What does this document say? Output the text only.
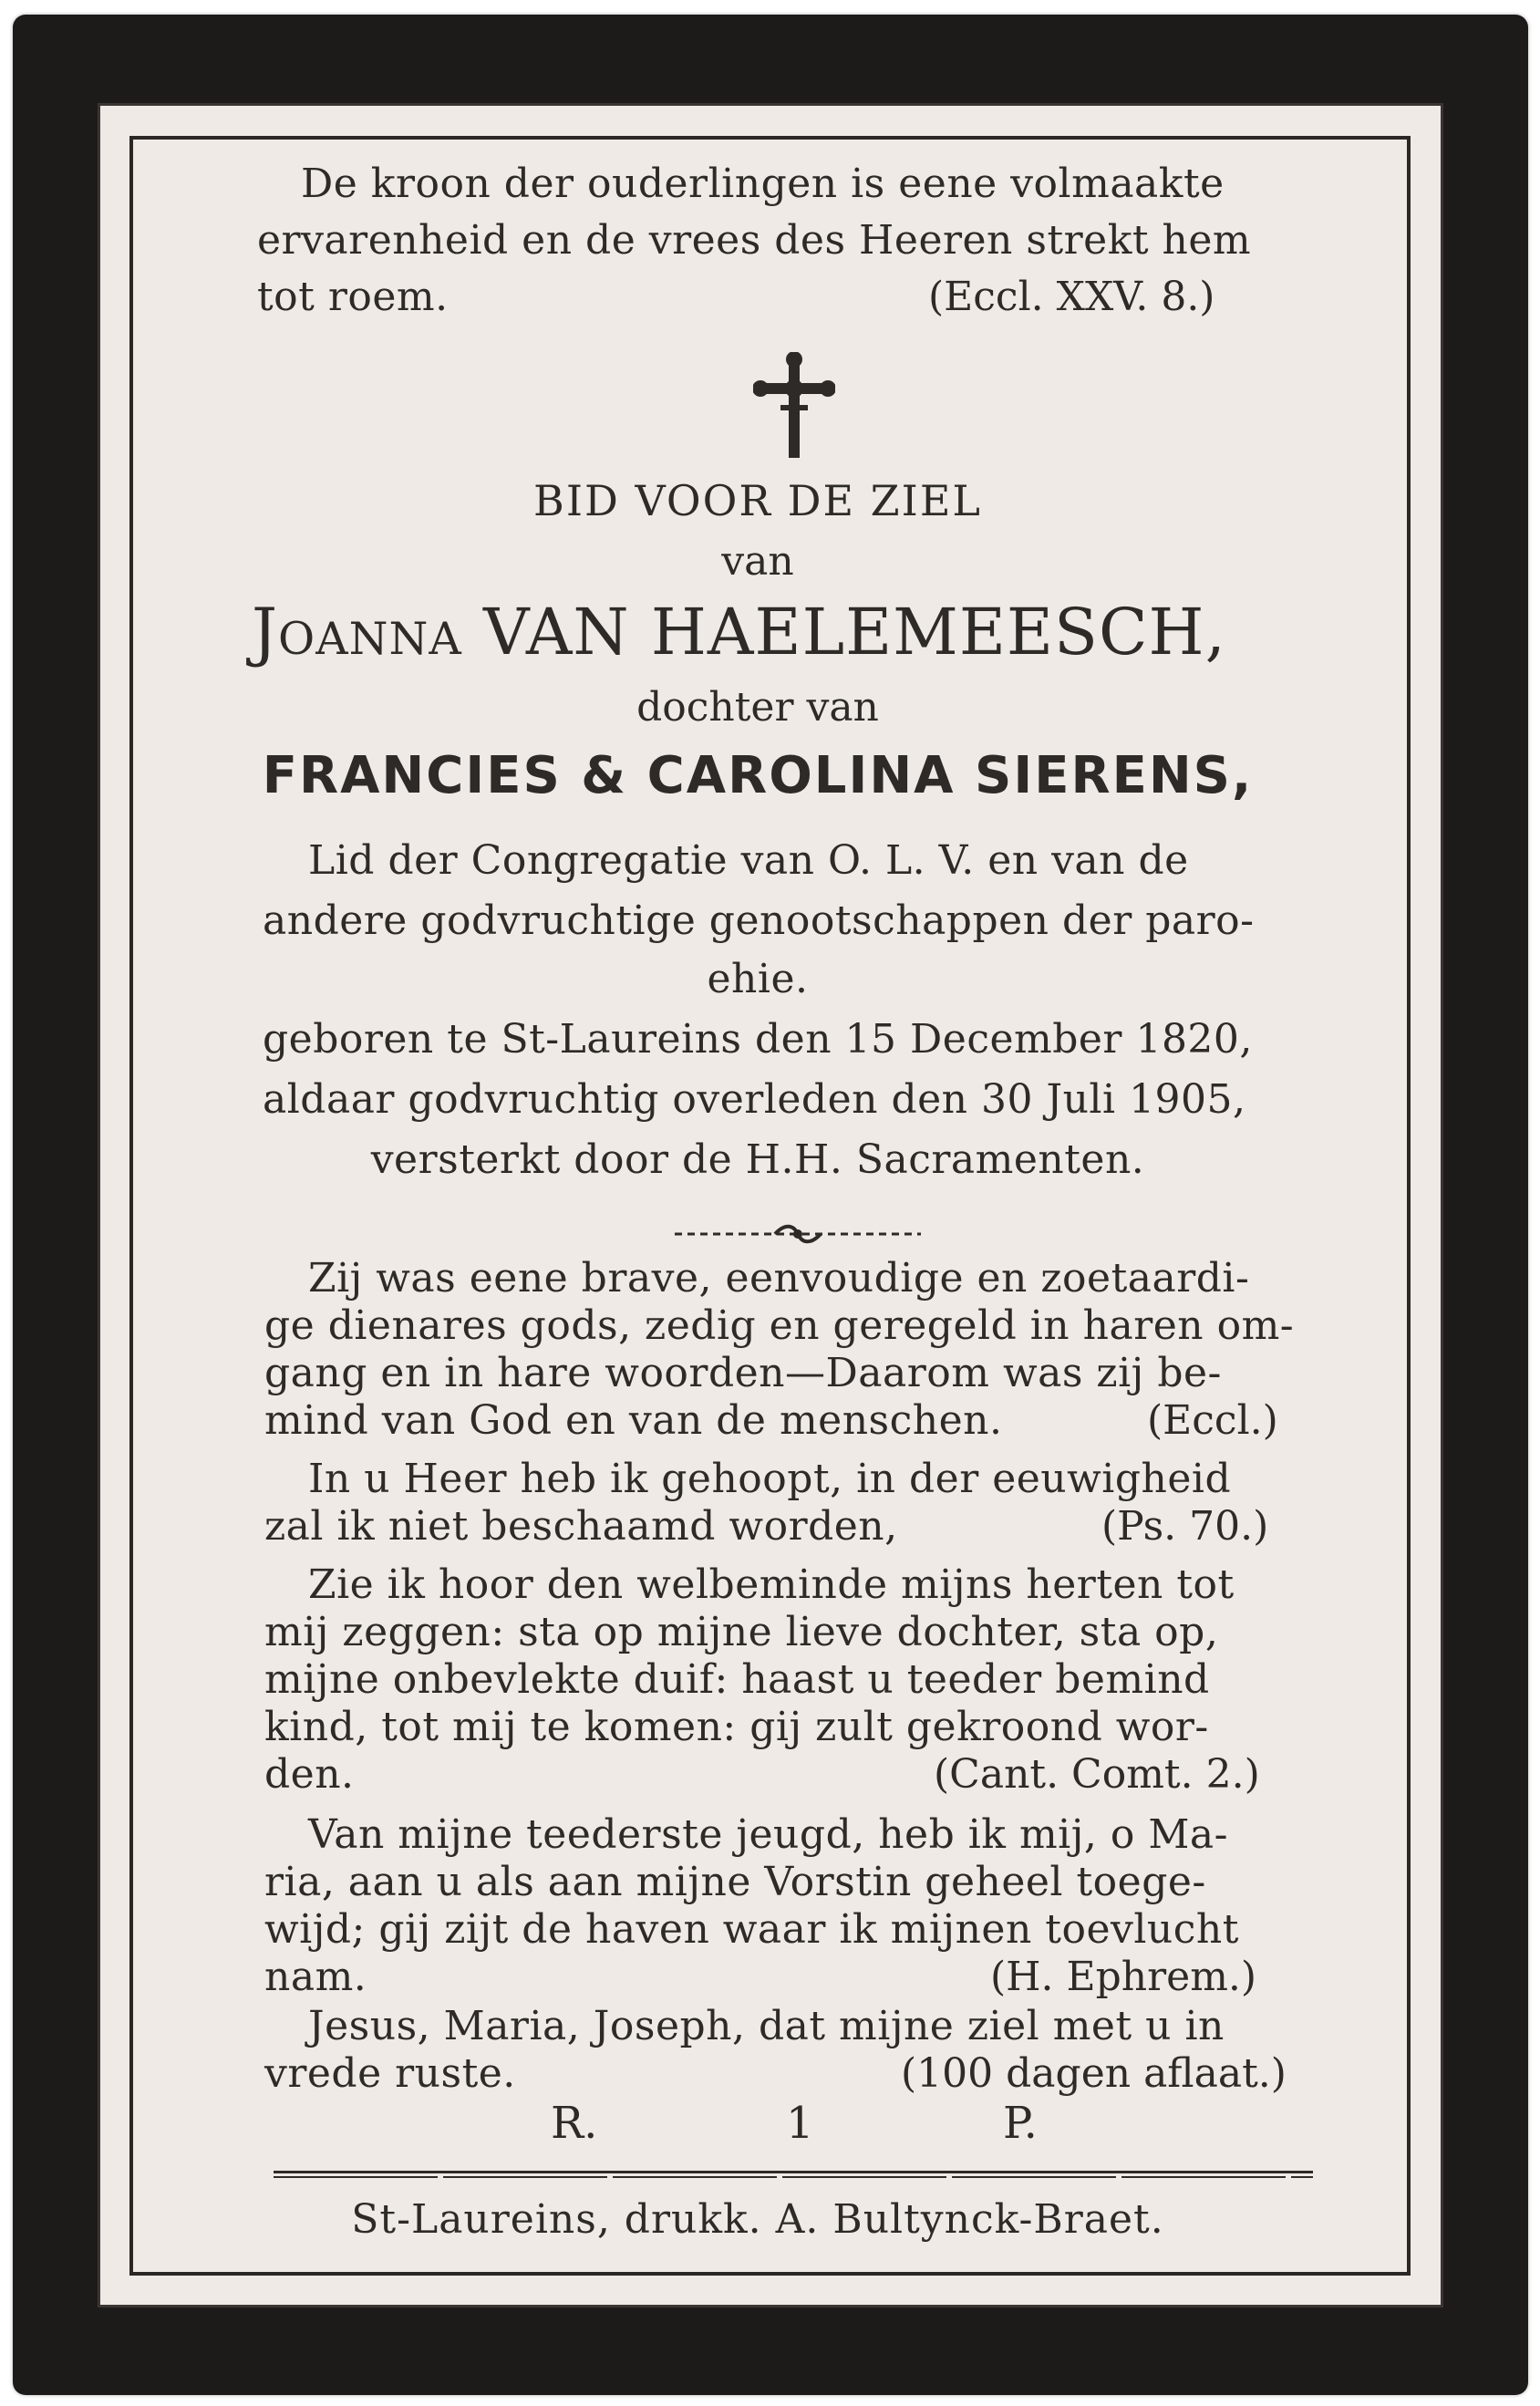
De kroon der ouderlingen is eene volmaakte
ervarenheid en de vrees des Heeren strekt hem
tot roem.	(Eccl. XXV. 8.)
BID VOOR DE ZIEL
van
Joanna VAN HAELEMEESCH,
dochter van
FRANCIES & CAROLINA SIERENS,
Lid der Congregatie van O. L. V. en van de
andere godvruchtige genootschappen der paro-
ehie.
geboren te St-Laureins den 15 December 1820,
aldaar godvruchtig overleden den 30 Juli 1905,
versterkt door de H.H. Sacramenten.
Zij was eene brave, eenvoudige en zoetaardi-
ge dienares gods, zedig en geregeld in haren om-
gang en in hare woorden—Daarom was zij be-
mind van God en van de menschen.	(Eccl.)
In u Heer heb ik gehoopt, in der eeuwigheid
zal ik niet beschaamd worden,	(Ps. 70.)
Zie ik hoor den welbeminde mijns herten tot
mij zeggen: sta op mijne lieve dochter, sta op,
mijne onbevlekte duif: haast u teeder bemind
kind, tot mij te komen: gij zult gekroond wor-
den.	(Cant. Comt. 2.)
Van mijne teederste jeugd, heb ik mij, o Ma-
ria, aan u als aan mijne Vorstin geheel toege-
wijd; gij zijt de haven waar ik mijnen toevlucht
nam.	(H. Ephrem.)
Jesus, Maria, Joseph, dat mijne ziel met u in
vrede ruste.	(100 dagen aflaat.)
R.	1	P.
St-Laureins, drukk. A. Bultynck-Braet.
